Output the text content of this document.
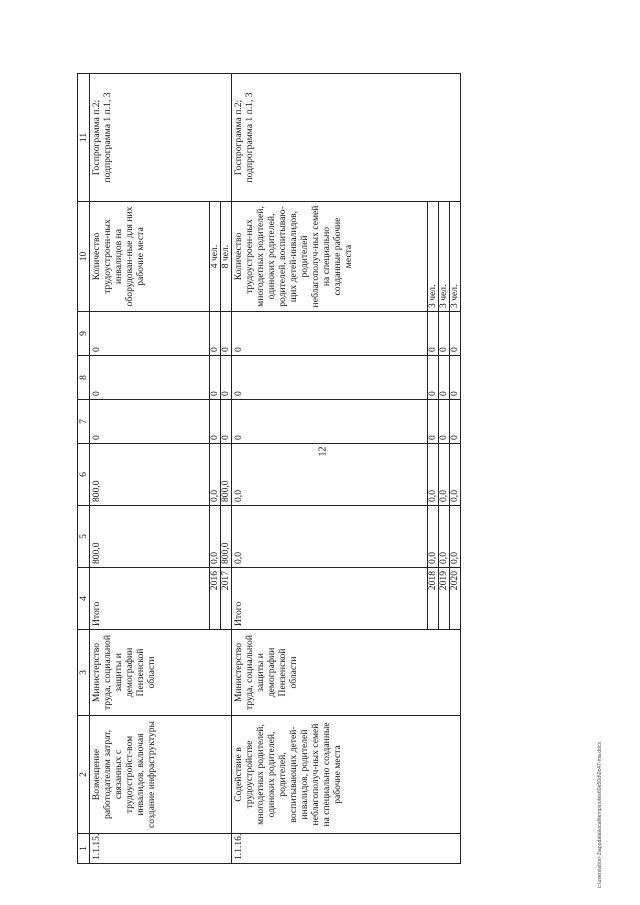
12
c:\users\sbori-1\appdata\local\temp\notes60e50d\0c47-ma.docx
1	2	3	4	5	6	7	8	9	10	11
1.1.15.	Возмещение работодателям затрат, связанных с трудоустройст-вом инвалидов, включая создание инфраструктуры	Министерство труда, социальной защиты и демографии Пензенской области	Итого	800,0	800,0	0	0	0	Количество трудоустроен-ных инвалидов на оборудован-ные для них рабочие места	Госпрограмма п.2; подпрограмма 1 п.1, 3
			2016	0,0	0,0	0	0	0	4 чел.	
			2017	800,0	800,0	0	0	0	8 чел.	
1.1.16.	Содействие в трудоустройстве многодетных родителей, одиноких родителей, родителей, воспитывающих детей-инвалидов, родителей неблагополуч-ных семей на специально созданные рабочие места	Министерство труда, социальной защиты и демографии Пензенской области	Итого	0,0	0,0	0	0	0	Количество трудоустроен-ных многодетных родителей, одиноких родителей, родителей, воспитываю-щих детей-инвалидов, родителей неблагополуч-ных семей на специально созданные рабочие места	Госпрограмма п.2; подпрограмма 1 п.1, 3
			2018	0,0	0,0	0	0	0	3 чел.	
			2019	0,0	0,0	0	0	0	3 чел.	
			2020	0,0	0,0	0	0	0	3 чел.	
